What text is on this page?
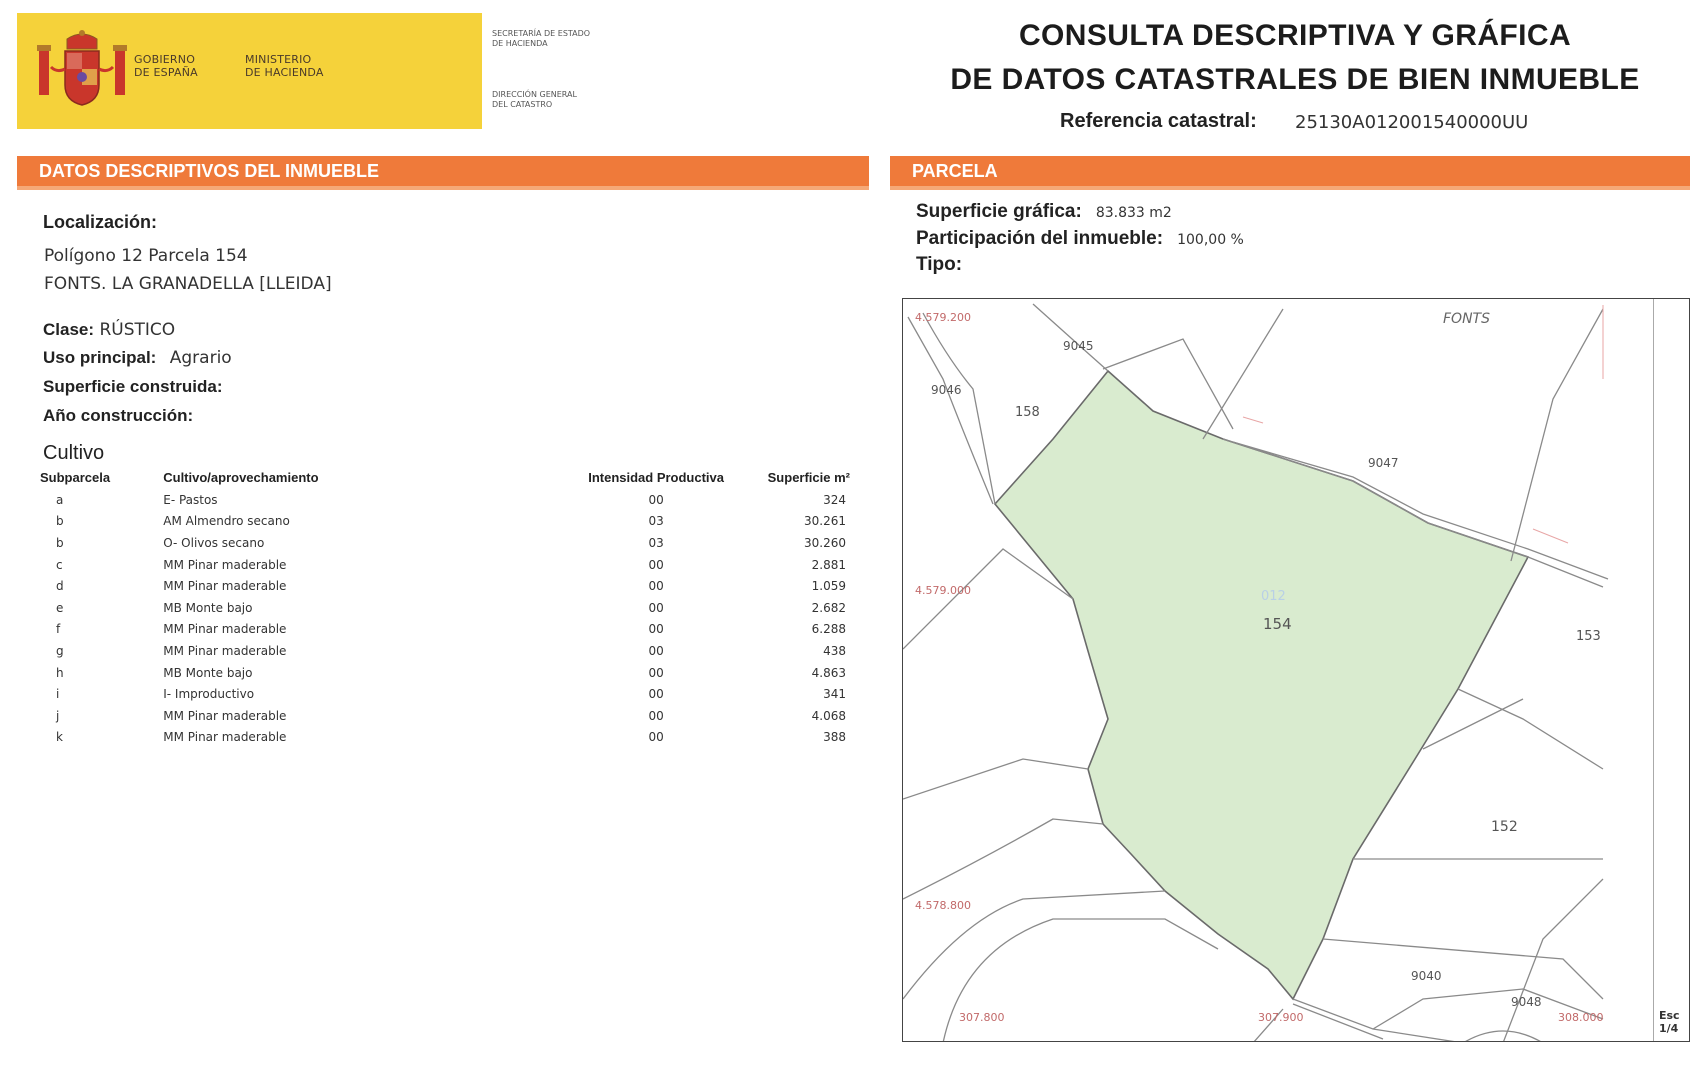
GOBIERNO
DE ESPAÑA
MINISTERIO
DE HACIENDA
SECRETARÍA DE ESTADO
DE HACIENDA
DIRECCIÓN GENERAL
DEL CATASTRO
CONSULTA DESCRIPTIVA Y GRÁFICA
DE DATOS CATASTRALES DE BIEN INMUEBLE
Referencia catastral: 25130A012001540000UU
DATOS DESCRIPTIVOS DEL INMUEBLE
Localización:
Polígono 12 Parcela 154
FONTS. LA GRANADELLA [LLEIDA]
Clase: RÚSTICO
Uso principal: Agrario
Superficie construida:
Año construcción:
Cultivo
Subparcela	Cultivo/aprovechamiento	Intensidad Productiva	Superficie m²
a	E- Pastos	00	324
b	AM Almendro secano	03	30.261
b	O- Olivos secano	03	30.260
c	MM Pinar maderable	00	2.881
d	MM Pinar maderable	00	1.059
e	MB Monte bajo	00	2.682
f	MM Pinar maderable	00	6.288
g	MM Pinar maderable	00	438
h	MB Monte bajo	00	4.863
i	I- Improductivo	00	341
j	MM Pinar maderable	00	4.068
k	MM Pinar maderable	00	388
PARCELA
Superficie gráfica: 83.833 m2
Participación del inmueble: 100,00 %
Tipo:
FONTS
4.579.200
4.579.000
4.578.800
307.800	307.900	308.000
9045
9046
158
9047
012
154
153
152
9040
9048
Esc
1/4
